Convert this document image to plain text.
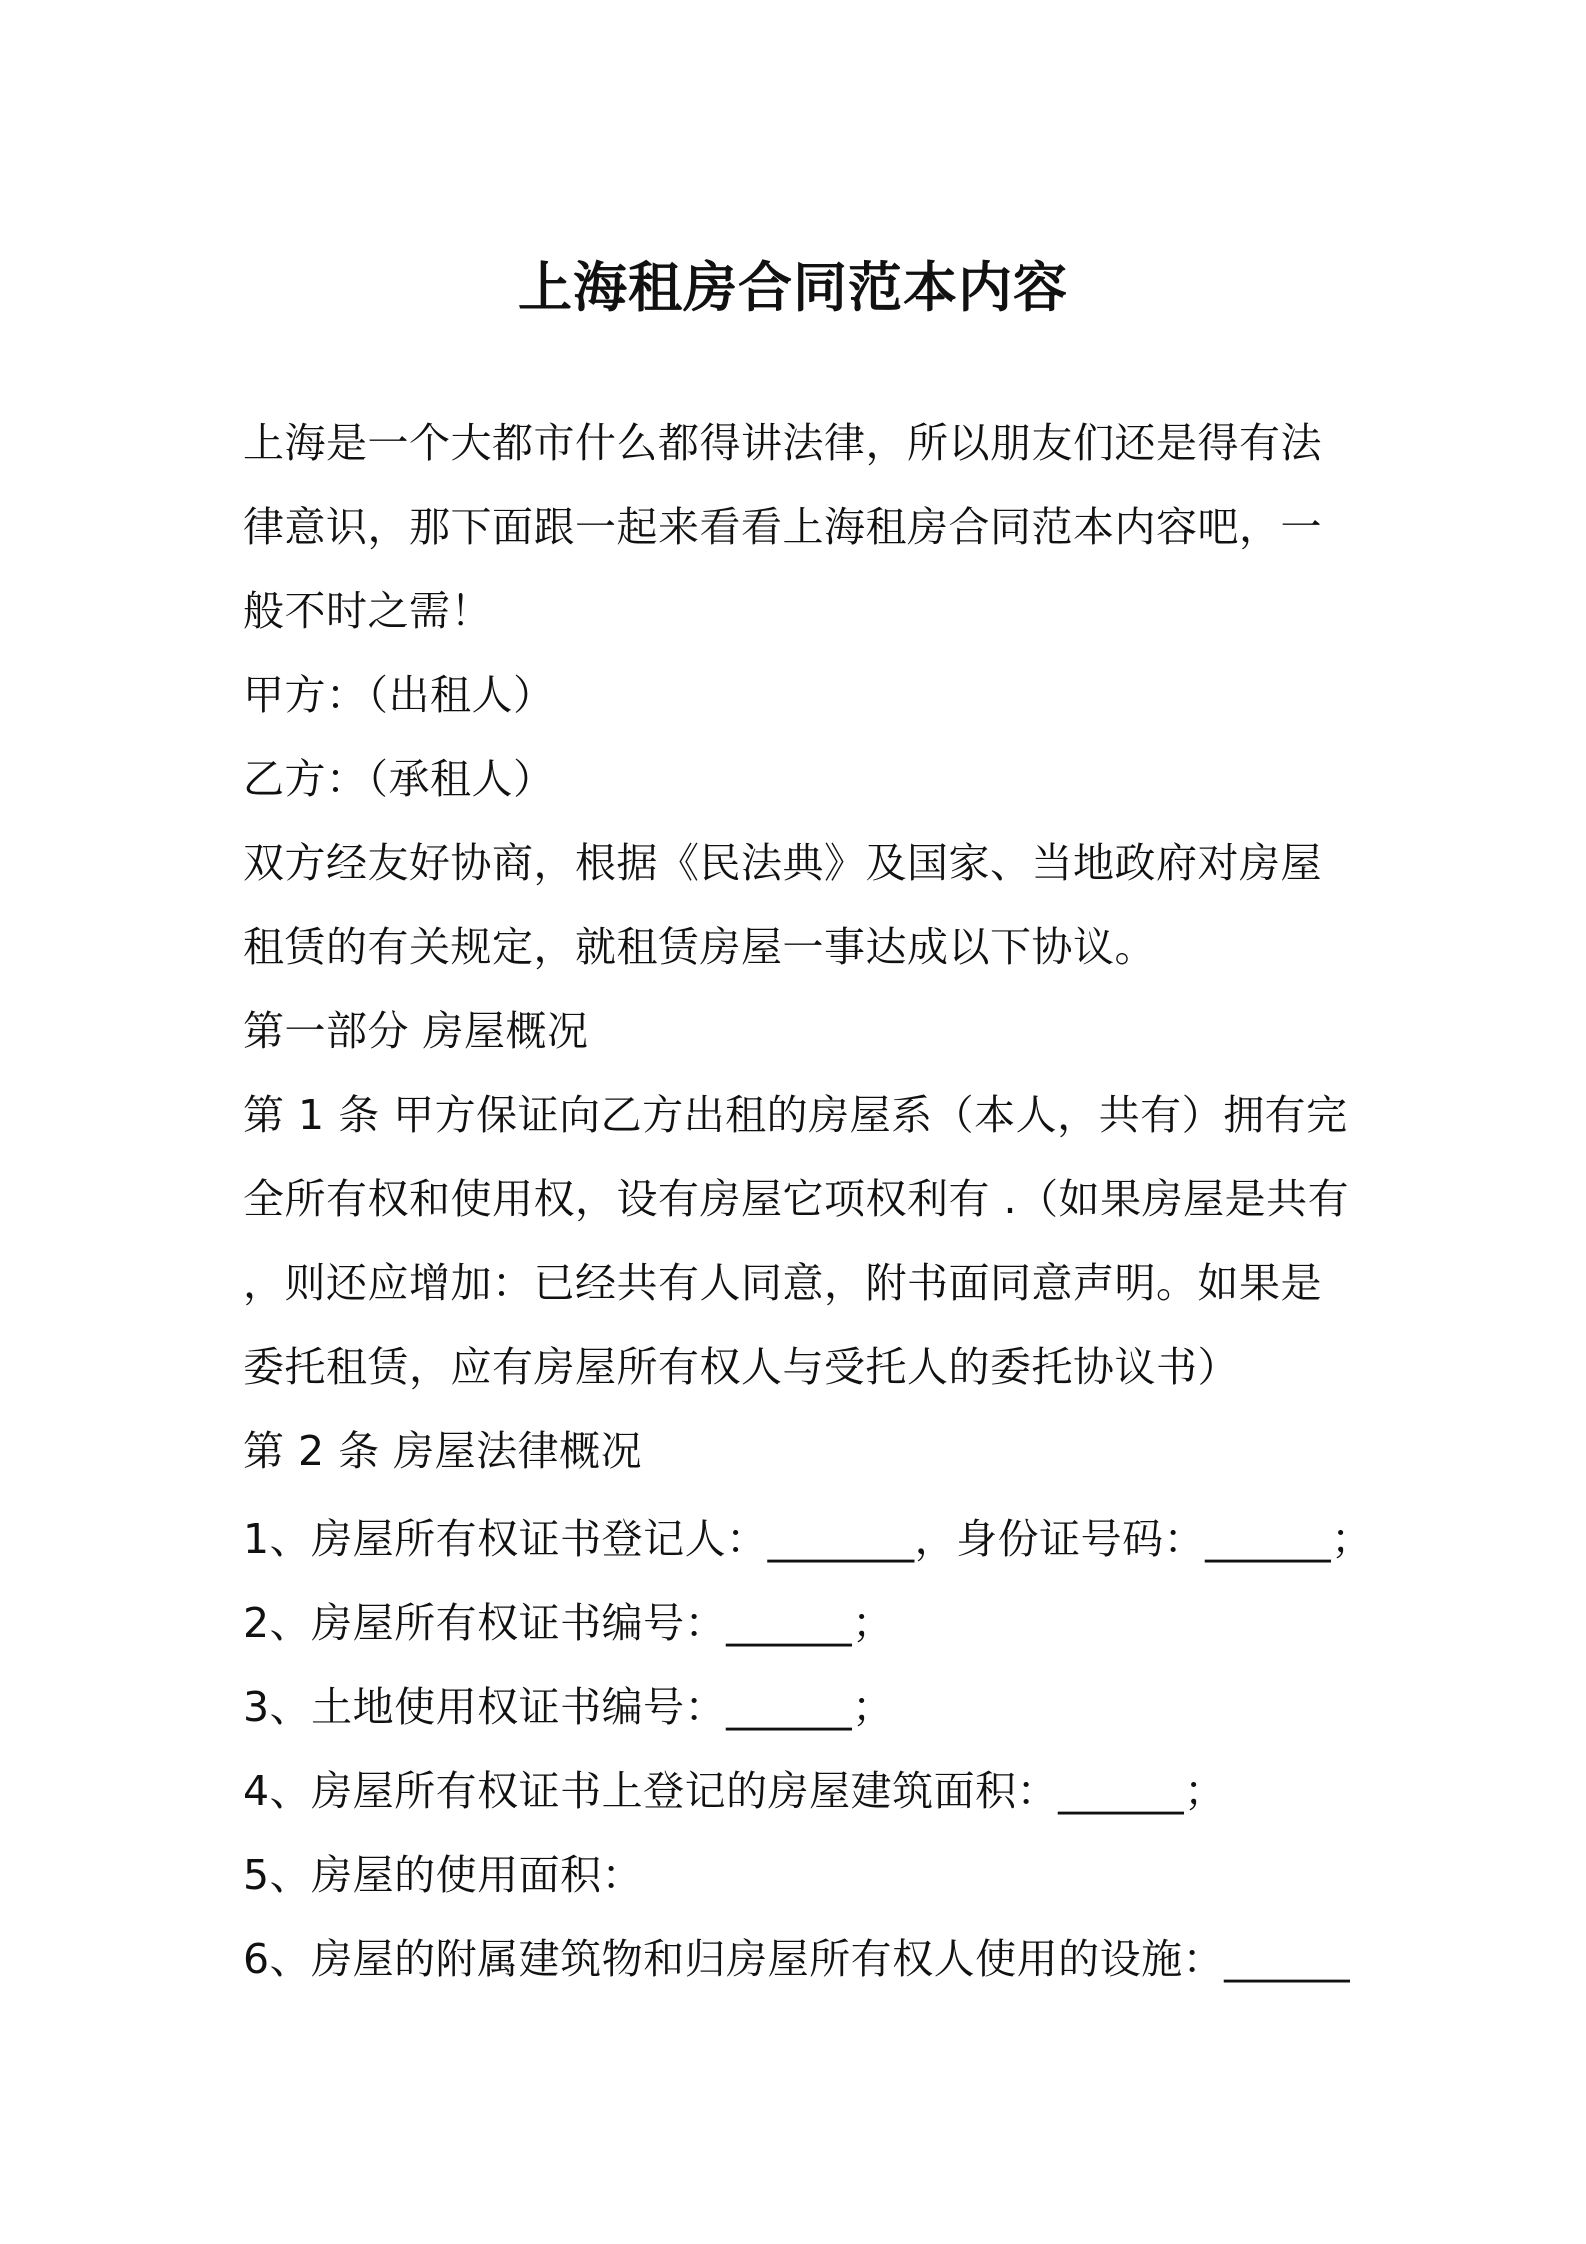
上海租房合同范本内容
上海是一个大都市什么都得讲法律，所以朋友们还是得有法
律意识，那下面跟一起来看看上海租房合同范本内容吧，一
般不时之需！
甲方：（出租人）
乙方：（承租人）
双方经友好协商，根据《民法典》及国家、当地政府对房屋
租赁的有关规定，就租赁房屋一事达成以下协议。
第一部分 房屋概况
第 1 条 甲方保证向乙方出租的房屋系（本人，共有）拥有完
全所有权和使用权，设有房屋它项权利有 .（如果房屋是共有
，则还应增加：已经共有人同意，附书面同意声明。如果是
委托租赁，应有房屋所有权人与受托人的委托协议书）
第 2 条 房屋法律概况
1、房屋所有权证书登记人：_______，身份证号码：______；
2、房屋所有权证书编号：______；
3、土地使用权证书编号：______；
4、房屋所有权证书上登记的房屋建筑面积：______；
5、房屋的使用面积：
6、房屋的附属建筑物和归房屋所有权人使用的设施：______
